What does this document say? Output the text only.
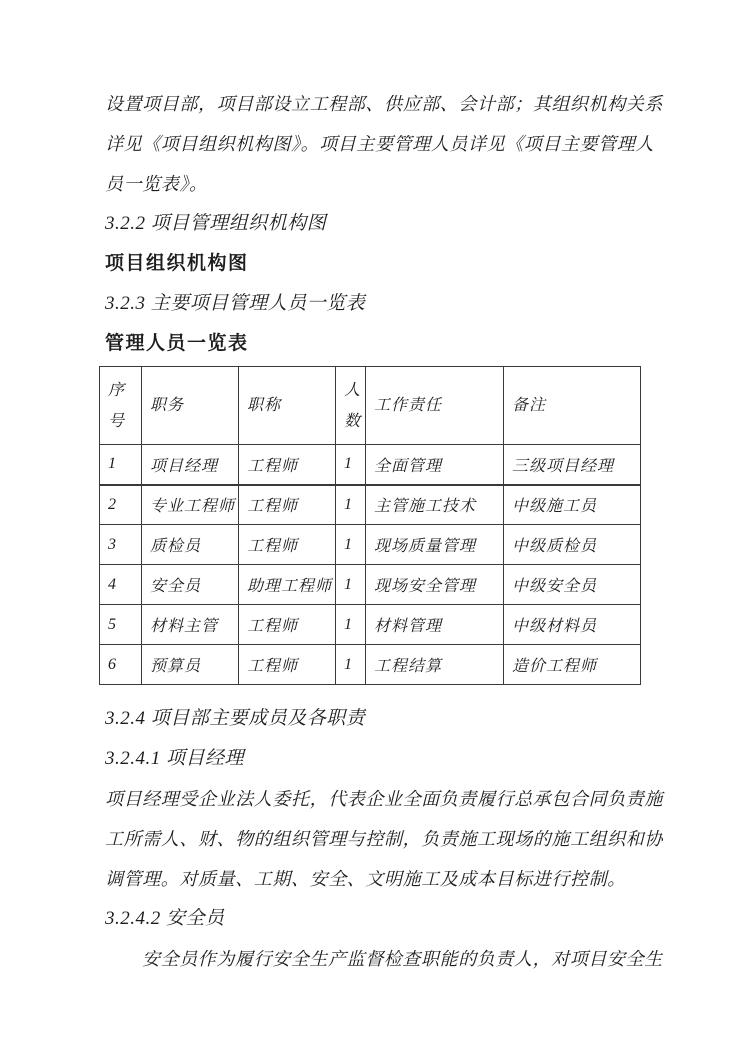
设置项目部，项目部设立工程部、供应部、会计部；其组织机构关系
详见《项目组织机构图》。项目主要管理人员详见《项目主要管理人
员一览表》。

3.2.2 项目管理组织机构图
项目组织机构图
3.2.3 主要项目管理人员一览表
管理人员一览表
序号	职务	职称	人数	工作责任	备注
1	项目经理	工程师	1	全面管理	三级项目经理
2	专业工程师	工程师	1	主管施工技术	中级施工员
3	质检员	工程师	1	现场质量管理	中级质检员
4	安全员	助理工程师	1	现场安全管理	中级安全员
5	材料主管	工程师	1	材料管理	中级材料员
6	预算员	工程师	1	工程结算	造价工程师
3.2.4 项目部主要成员及各职责
3.2.4.1 项目经理

项目经理受企业法人委托，代表企业全面负责履行总承包合同负责施
工所需人、财、物的组织管理与控制，负责施工现场的施工组织和协
调管理。对质量、工期、安全、文明施工及成本目标进行控制。

3.2.4.2 安全员

安全员作为履行安全生产监督检查职能的负责人，对项目安全生
